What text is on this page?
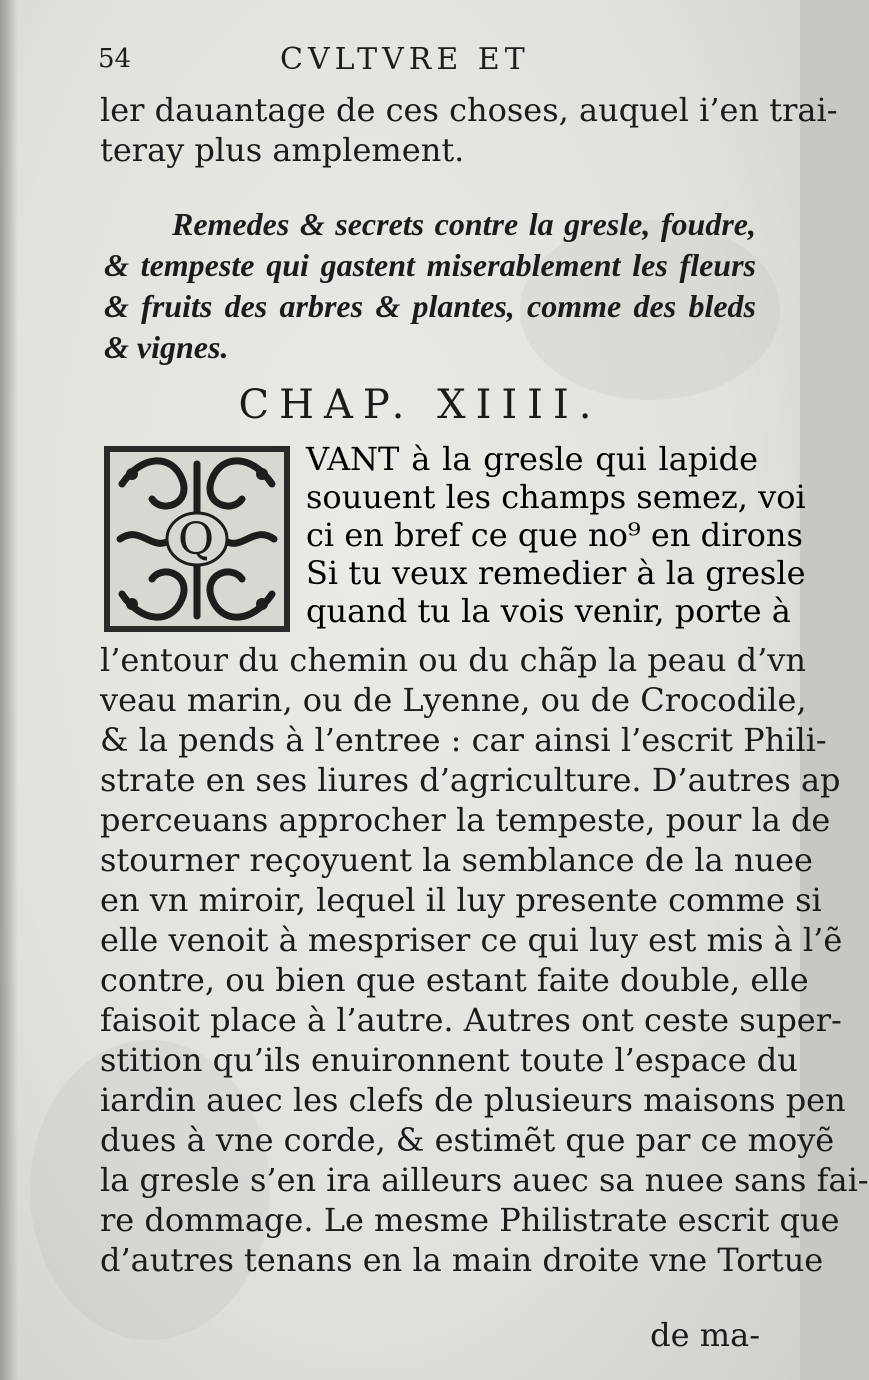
54	CVLTVRE ET
ler dauantage de ces choses, auquel i’en trai-
teray plus amplement.
Remedes & secrets contre la gresle, foudre,
& tempeste qui gastent miserablement les fleurs
& fruits des arbres & plantes, comme des bleds
& vignes.
CHAP. XIIII.
Q
VANT à la gresle qui lapide
souuent les champs semez, voi
ci en bref ce que no⁹ en dirons
Si tu veux remedier à la gresle
quand tu la vois venir, porte à
l’entour du chemin ou du chãp la peau d’vn
veau marin, ou de Lyenne, ou de Crocodile,
& la pends à l’entree : car ainsi l’escrit Phili-
strate en ses liures d’agriculture. D’autres ap
perceuans approcher la tempeste, pour la de
stourner reçoyuent la semblance de la nuee
en vn miroir, lequel il luy presente comme si
elle venoit à mespriser ce qui luy est mis à l’ẽ
contre, ou bien que estant faite double, elle
faisoit place à l’autre. Autres ont ceste super-
stition qu’ils enuironnent toute l’espace du
iardin auec les clefs de plusieurs maisons pen
dues à vne corde, & estimẽt que par ce moyẽ
la gresle s’en ira ailleurs auec sa nuee sans fai-
re dommage. Le mesme Philistrate escrit que
d’autres tenans en la main droite vne Tortue
de ma-
